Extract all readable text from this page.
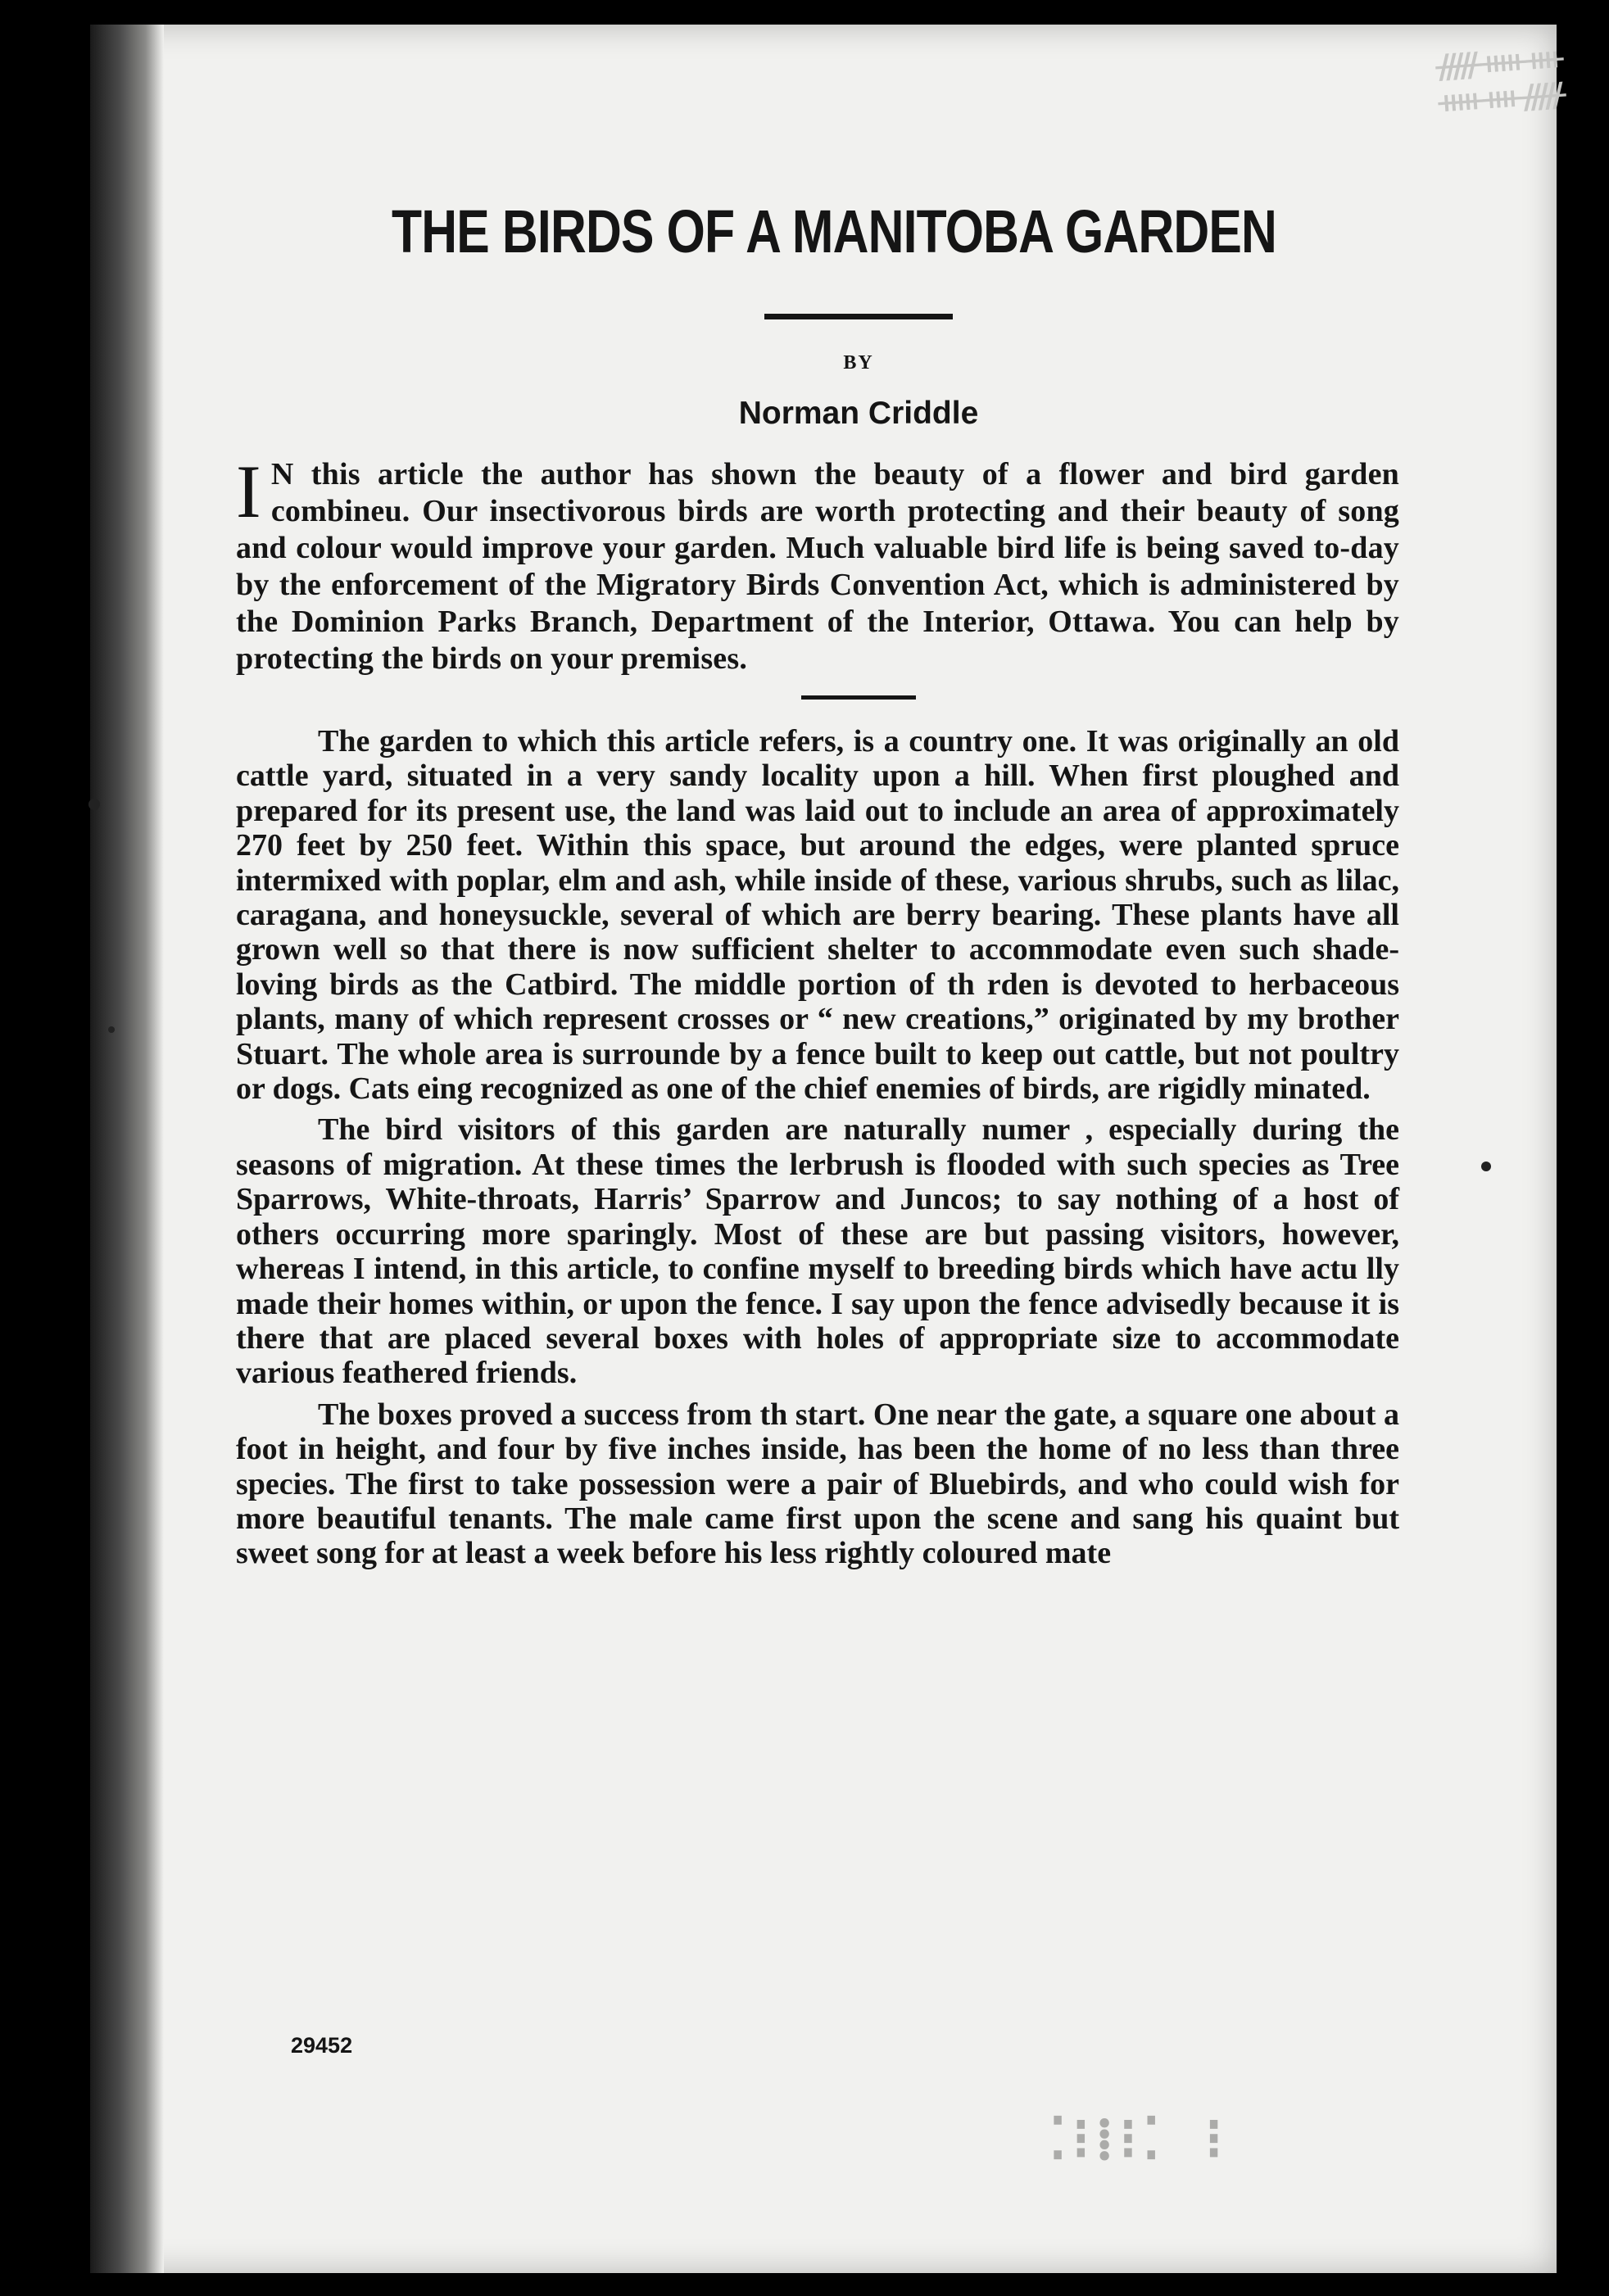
ᚏᚔᚓ
ᚔᚓᚏ
THE BIRDS OF A MANITOBA GARDEN
BY
Norman Criddle
I N this article the author has shown the beauty of a flower and bird garden combineu. Our insectivorous birds are worth protecting and their beauty of song and colour would improve your garden. Much valuable bird life is being saved to-day by the enforcement of the Migratory Birds Convention Act, which is administered by the Dominion Parks Branch, Department of the Interior, Ottawa. You can help by protecting the birds on your premises.

The garden to which this article refers, is a country one. It was originally an old cattle yard, situated in a very sandy locality upon a hill. When first ploughed and prepared for its present use, the land was laid out to include an area of approximately 270 feet by 250 feet. Within this space, but around the edges, were planted spruce intermixed with poplar, elm and ash, while inside of these, various shrubs, such as lilac, caragana, and honeysuckle, several of which are berry bearing. These plants have all grown well so that there is now sufficient shelter to accommodate even such shade-loving birds as the Catbird. The middle portion of th rden is devoted to herbaceous plants, many of which represent crosses or “ new creations,” originated by my brother Stuart. The whole area is surrounde by a fence built to keep out cattle, but not poultry or dogs. Cats eing recognized as one of the chief enemies of birds, are rigidly minated.

The bird visitors of this garden are naturally numer , especially during the seasons of migration. At these times the lerbrush is flooded with such species as Tree Sparrows, White-throats, Harris’ Sparrow and Juncos; to say nothing of a host of others occurring more sparingly. Most of these are but passing visitors, however, whereas I intend, in this article, to confine myself to breeding birds which have actu lly made their homes within, or upon the fence. I say upon the fence advisedly because it is there that are placed several boxes with holes of appropriate size to accommodate various feathered friends.

The boxes proved a success from th start. One near the gate, a square one about a foot in height, and four by five inches inside, has been the home of no less than three species. The first to take possession were a pair of Bluebirds, and who could wish for more beautiful tenants. The male came first upon the scene and sang his quaint but sweet song for at least a week before his less rightly coloured mate

29452
⁚⁝⁞⁝⁚ ⁝
